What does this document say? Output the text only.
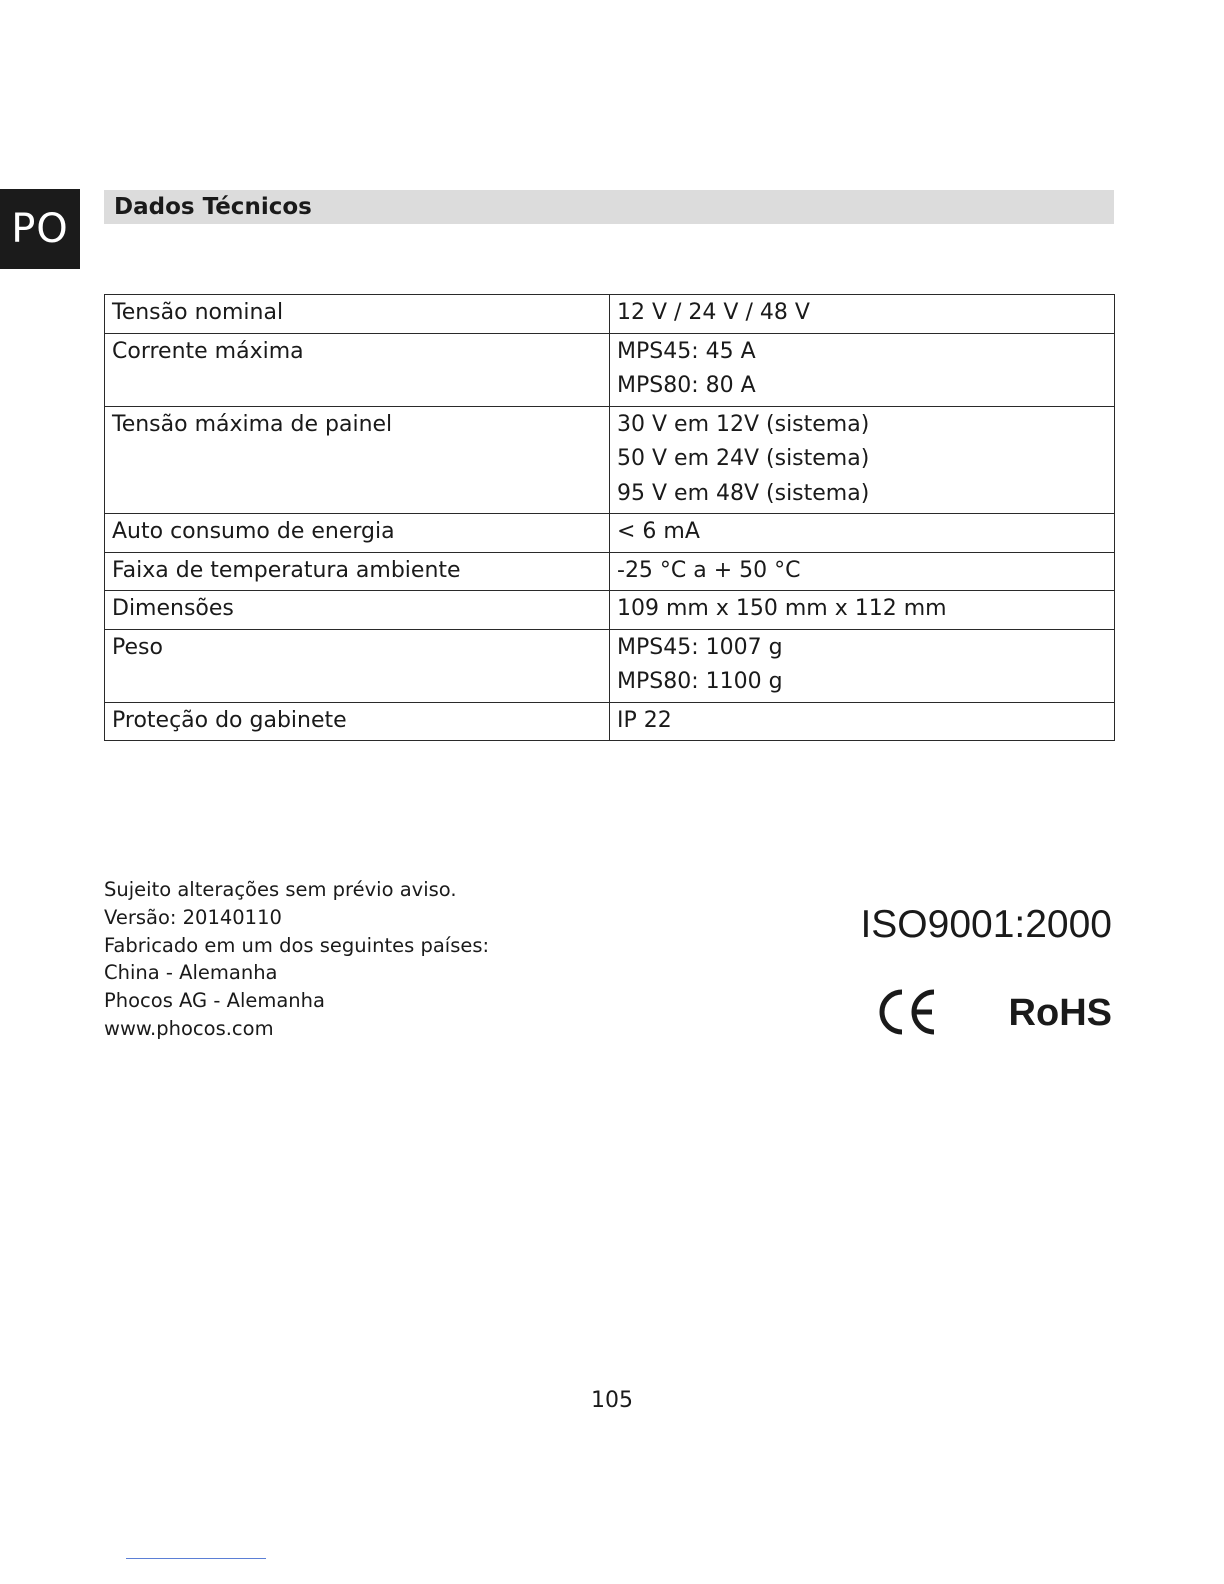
PO	Dados Técnicos
Tensão nominal	12 V / 24 V / 48 V

Corrente máxima	MPS45: 45 A
MPS80: 80 A

Tensão máxima de painel	30 V em 12V (sistema)
50 V em 24V (sistema)
95 V em 48V (sistema)

Auto consumo de energia	< 6 mA

Faixa de temperatura ambiente	-25 °C a + 50 °C

Dimensões	109 mm x 150 mm x 112 mm

Peso	MPS45: 1007 g
MPS80: 1100 g

Proteção do gabinete	IP 22
Sujeito alterações sem prévio aviso.
Versão: 20140110
Fabricado em um dos seguintes países:
China - Alemanha
Phocos AG - Alemanha
www.phocos.com
ISO9001:2000
RoHS
105
